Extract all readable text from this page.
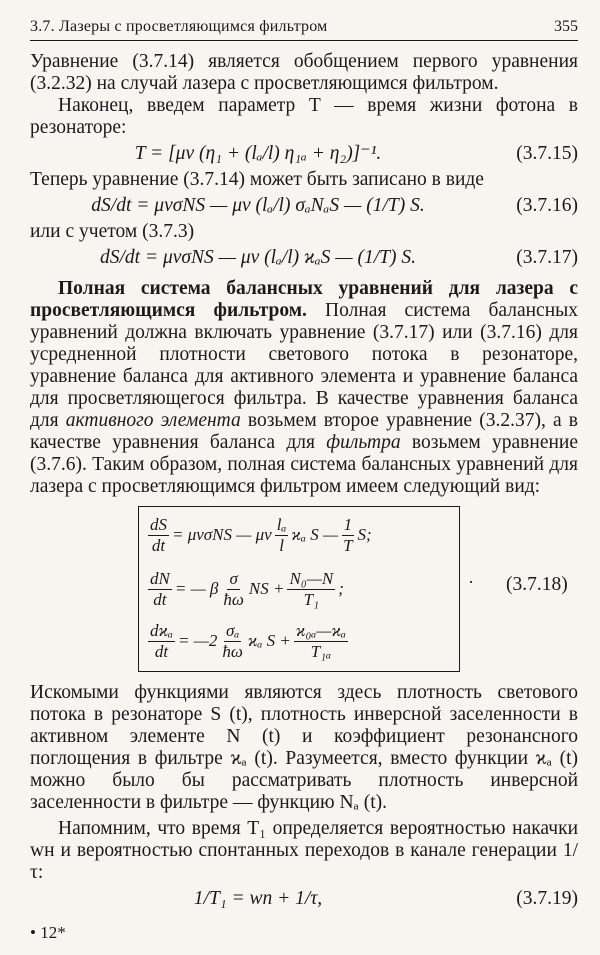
3.7. Лазеры с просветляющимся фильтром	355

Уравнение (3.7.14) является обобщением первого уравнения (3.2.32) на случай лазера с просветляющимся фильтром.

Наконец, введем параметр T — время жизни фотона в резонаторе:

T = [μv (η₁ + (lₐ/l) η₁ₐ + η₂)]⁻¹.	(3.7.15)

Теперь уравнение (3.7.14) может быть записано в виде

dS/dt = μvσNS — μv (lₐ/l) σₐNₐS — (1/T) S.	(3.7.16)

или с учетом (3.7.3)

dS/dt = μvσNS — μv (lₐ/l) ϰₐS — (1/T) S.	(3.7.17)

Полная система балансных уравнений для лазера с просветляющимся фильтром. Полная система балансных уравнений должна включать уравнение (3.7.17) или (3.7.16) для усредненной плотности светового потока в резонаторе, уравнение баланса для активного элемента и уравнение баланса для просветляющегося фильтра. В качестве уравнения баланса для активного элемента возьмем второе уравнение (3.2.37), а в качестве уравнения баланса для фильтра возьмем уравнение (3.7.6). Таким образом, полная система балансных уравнений для лазера с просветляющимся фильтром имеем следующий вид:

$\frac{dS}{dt} = \mu v\sigma NS$ — μv $\frac{\text{lₐ}}{l}$ ϰₐ S — $\frac{1}{T} S$;
$\frac{dN}{dt}$ = — β $\frac{\sigma}{ħ\omega}$ NS + $\frac{\text{N₀—N}}{\text{T₁}}$ ;
$\frac{\text{dϰₐ}}{dt}$ = —2 $\frac{\text{σₐ}}{ħ\omega}$ ϰₐ $S + \frac{\text{ϰ₀ₐ—ϰₐ}}{\text{T₁ₐ}}$
· (3.7.18)

Искомыми функциями являются здесь плотность светового потока в резонаторе S (t), плотность инверсной заселенности в активном элементе N (t) и коэффициент резонансного поглощения в фильтре ϰₐ (t). Разумеется, вместо функции ϰₐ (t) можно было бы рассматривать плотность инверсной заселенности в фильтре — функцию Nₐ (t).

Напомним, что время T₁ определяется вероятностью накачки wн и вероятностью спонтанных переходов в канале генерации 1/τ:

1/T₁ = wп + 1/τ,	(3.7.19)
• 12*
